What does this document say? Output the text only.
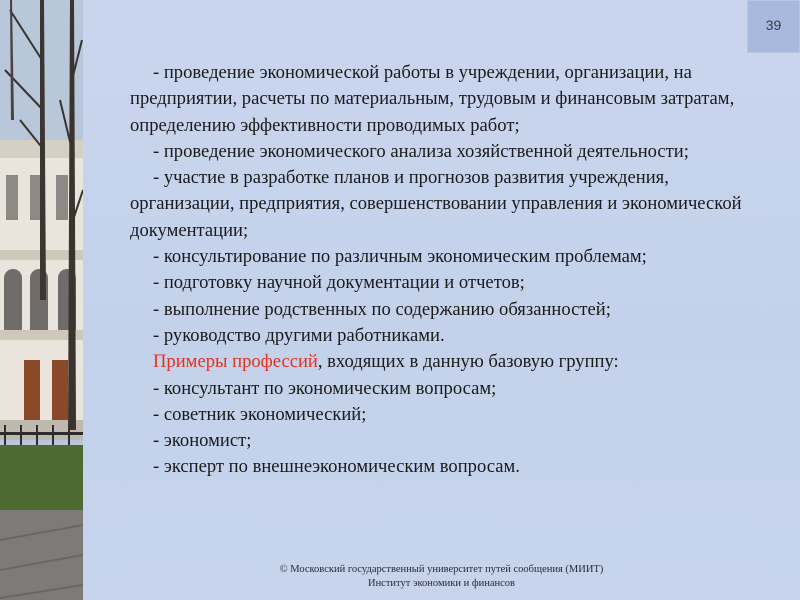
39

- проведение экономической работы в учреждении, организации, на предприятии, расчеты по материальным, трудовым и финансовым затратам, определению эффективности проводимых работ;

- проведение экономического анализа хозяйственной деятельности;

- участие в разработке планов и прогнозов развития учреждения, организации, предприятия, совершенствовании управления и экономической документации;

- консультирование по различным экономическим проблемам;

- подготовку научной документации и отчетов;

- выполнение родственных по содержанию обязанностей;

- руководство другими работниками.

Примеры профессий, входящих в данную базовую группу:

- консультант по экономическим вопросам;

- советник экономический;

- экономист;

- эксперт по внешнеэкономическим вопросам.

© Московский государственный университет путей сообщения (МИИТ)
Институт экономики и финансов
